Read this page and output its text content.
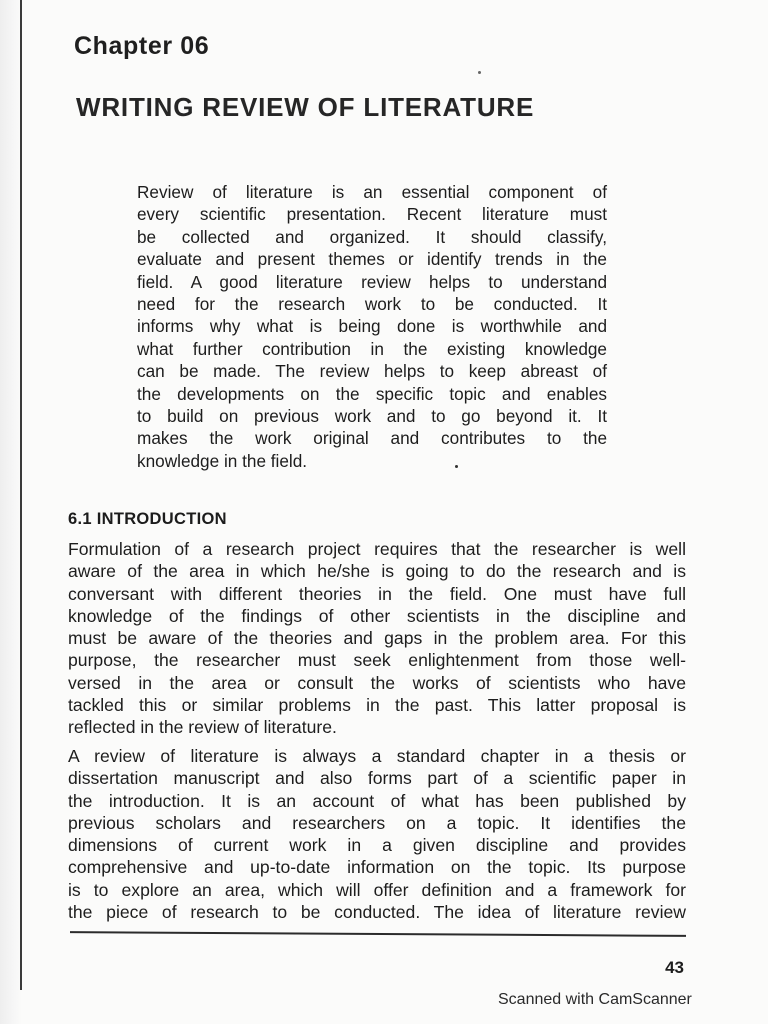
Chapter 06
WRITING REVIEW OF LITERATURE
Review of literature is an essential component of
every scientific presentation. Recent literature must
be collected and organized. It should classify,
evaluate and present themes or identify trends in the
field. A good literature review helps to understand
need for the research work to be conducted. It
informs why what is being done is worthwhile and
what further contribution in the existing knowledge
can be made. The review helps to keep abreast of
the developments on the specific topic and enables
to build on previous work and to go beyond it. It
makes the work original and contributes to the
knowledge in the field.
6.1 INTRODUCTION
Formulation of a research project requires that the researcher is well
aware of the area in which he/she is going to do the research and is
conversant with different theories in the field. One must have full
knowledge of the findings of other scientists in the discipline and
must be aware of the theories and gaps in the problem area. For this
purpose, the researcher must seek enlightenment from those well-
versed in the area or consult the works of scientists who have
tackled this or similar problems in the past. This latter proposal is
reflected in the review of literature.
A review of literature is always a standard chapter in a thesis or
dissertation manuscript and also forms part of a scientific paper in
the introduction. It is an account of what has been published by
previous scholars and researchers on a topic. It identifies the
dimensions of current work in a given discipline and provides
comprehensive and up-to-date information on the topic. Its purpose
is to explore an area, which will offer definition and a framework for
the piece of research to be conducted. The idea of literature review
43
Scanned with CamScanner
